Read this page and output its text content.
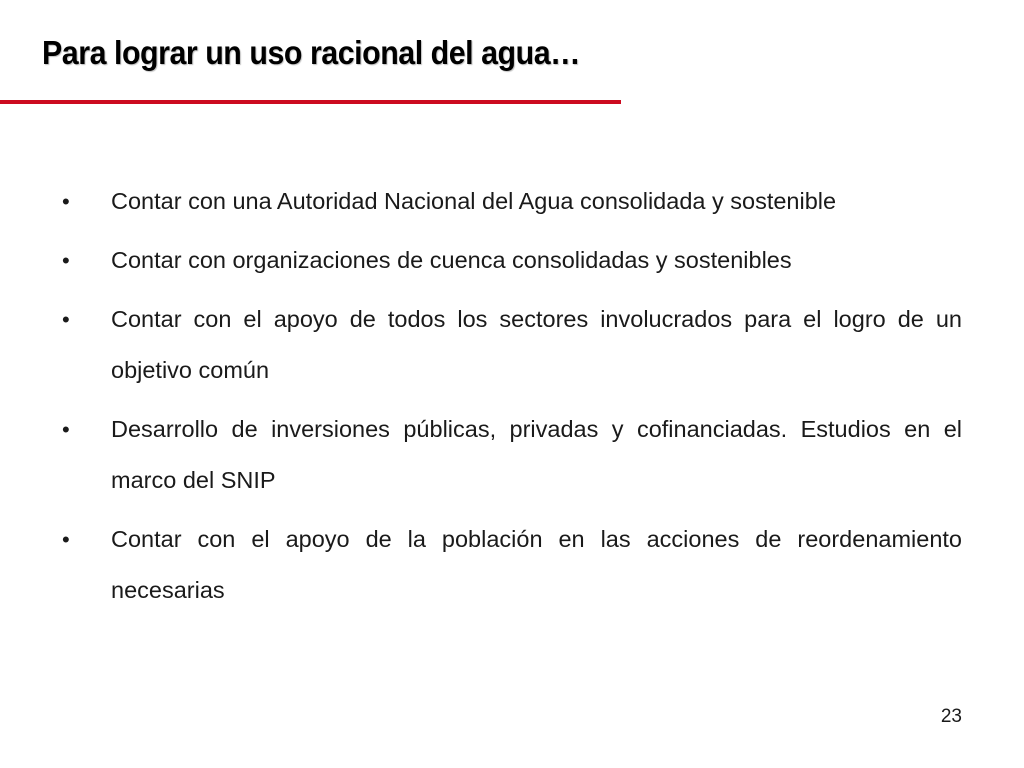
Para lograr un uso racional del agua…
• Contar con una Autoridad Nacional del Agua consolidada y sostenible
• Contar con organizaciones de cuenca consolidadas y sostenibles
• Contar con el apoyo de todos los sectores involucrados para el logro de un objetivo común
• Desarrollo de inversiones públicas, privadas y cofinanciadas. Estudios en el marco del SNIP
• Contar con el apoyo de la población en las acciones de reordenamiento necesarias
23
